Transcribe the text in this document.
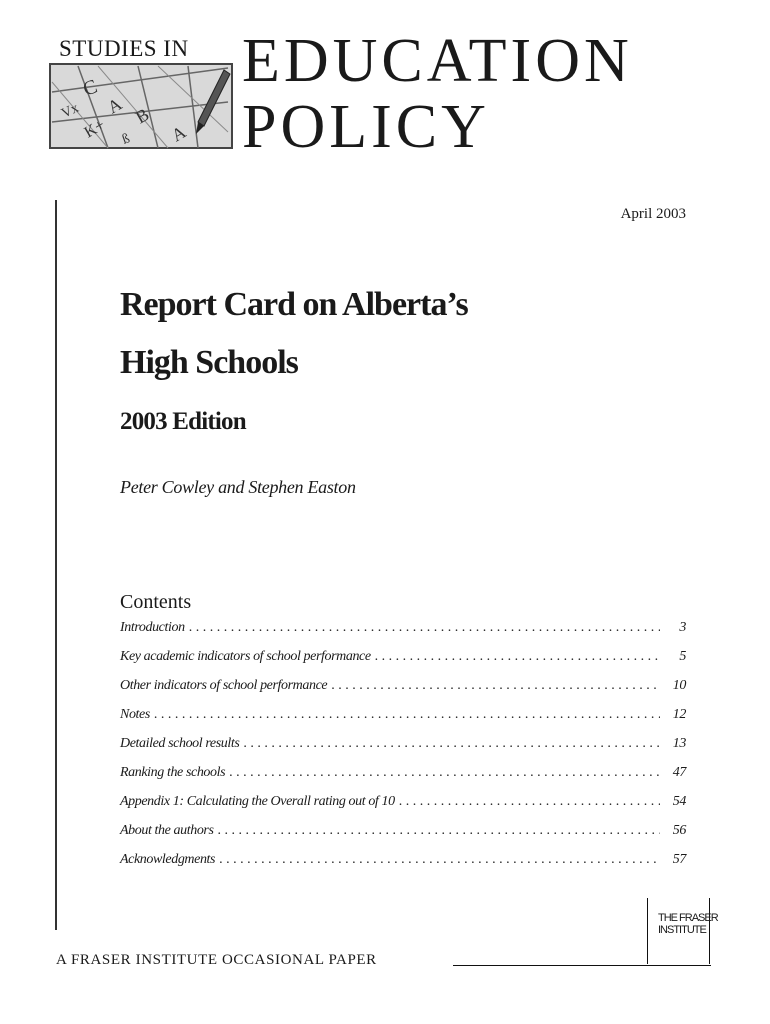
STUDIES IN
C
A
Vx
K+
B
ß A
EDUCATION
POLICY
April 2003
Report Card on Alberta’s
High Schools
2003 Edition
Peter Cowley and Stephen Easton
Contents
Introduction . . .	3
Key academic indicators of school performance . . .	5
Other indicators of school performance . . .	10
Notes . . .	12
Detailed school results . . .	13
Ranking the schools . . .	47
Appendix 1: Calculating the Overall rating out of 10 . . .	54
About the authors . . .	56
Acknowledgments . . .	57
A FRASER INSTITUTE OCCASIONAL PAPER
THE FRASER
INSTITUTE
